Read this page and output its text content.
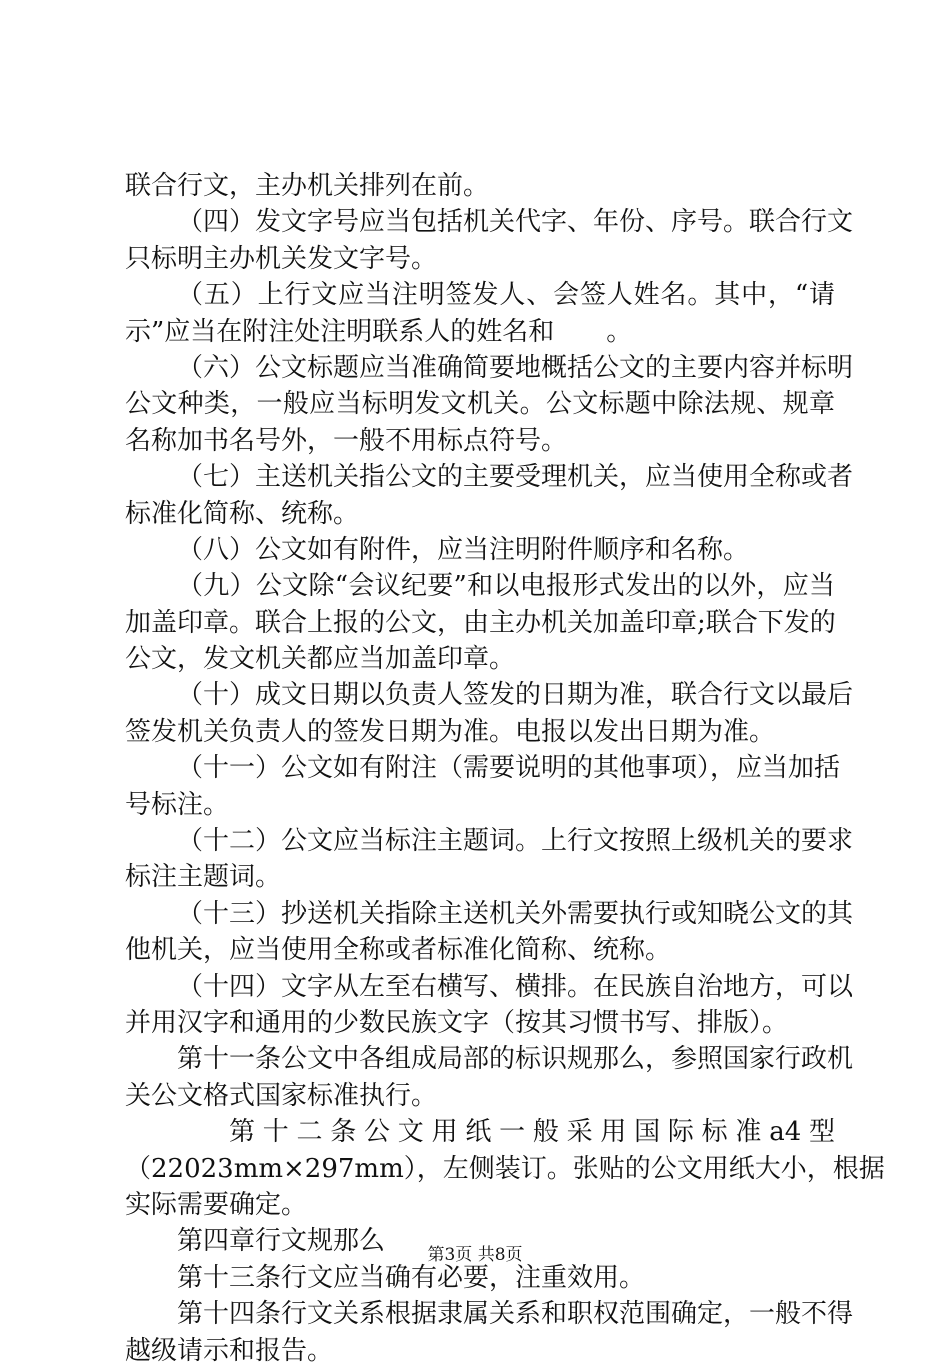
联合行文，主办机关排列在前。
（四）发文字号应当包括机关代字、年份、序号。联合行文
只标明主办机关发文字号。
（五）上行文应当注明签发人、会签人姓名。其中，“请
示”应当在附注处注明联系人的姓名和　　。
（六）公文标题应当准确简要地概括公文的主要内容并标明
公文种类，一般应当标明发文机关。公文标题中除法规、规章
名称加书名号外，一般不用标点符号。
（七）主送机关指公文的主要受理机关，应当使用全称或者
标准化简称、统称。
（八）公文如有附件，应当注明附件顺序和名称。
（九）公文除“会议纪要”和以电报形式发出的以外，应当
加盖印章。联合上报的公文，由主办机关加盖印章;联合下发的
公文，发文机关都应当加盖印章。
（十）成文日期以负责人签发的日期为准，联合行文以最后
签发机关负责人的签发日期为准。电报以发出日期为准。
（十一）公文如有附注（需要说明的其他事项），应当加括
号标注。
（十二）公文应当标注主题词。上行文按照上级机关的要求
标注主题词。
（十三）抄送机关指除主送机关外需要执行或知晓公文的其
他机关，应当使用全称或者标准化简称、统称。
（十四）文字从左至右横写、横排。在民族自治地方，可以
并用汉字和通用的少数民族文字（按其习惯书写、排版）。
第十一条公文中各组成局部的标识规那么，参照国家行政机
关公文格式国家标准执行。
第十二条公文用纸一般采用国际标准a4型
（22023mm×297mm），左侧装订。张贴的公文用纸大小，根据
实际需要确定。
第四章行文规那么
第十三条行文应当确有必要，注重效用。
第十四条行文关系根据隶属关系和职权范围确定，一般不得
越级请示和报告。
第3页 共8页
